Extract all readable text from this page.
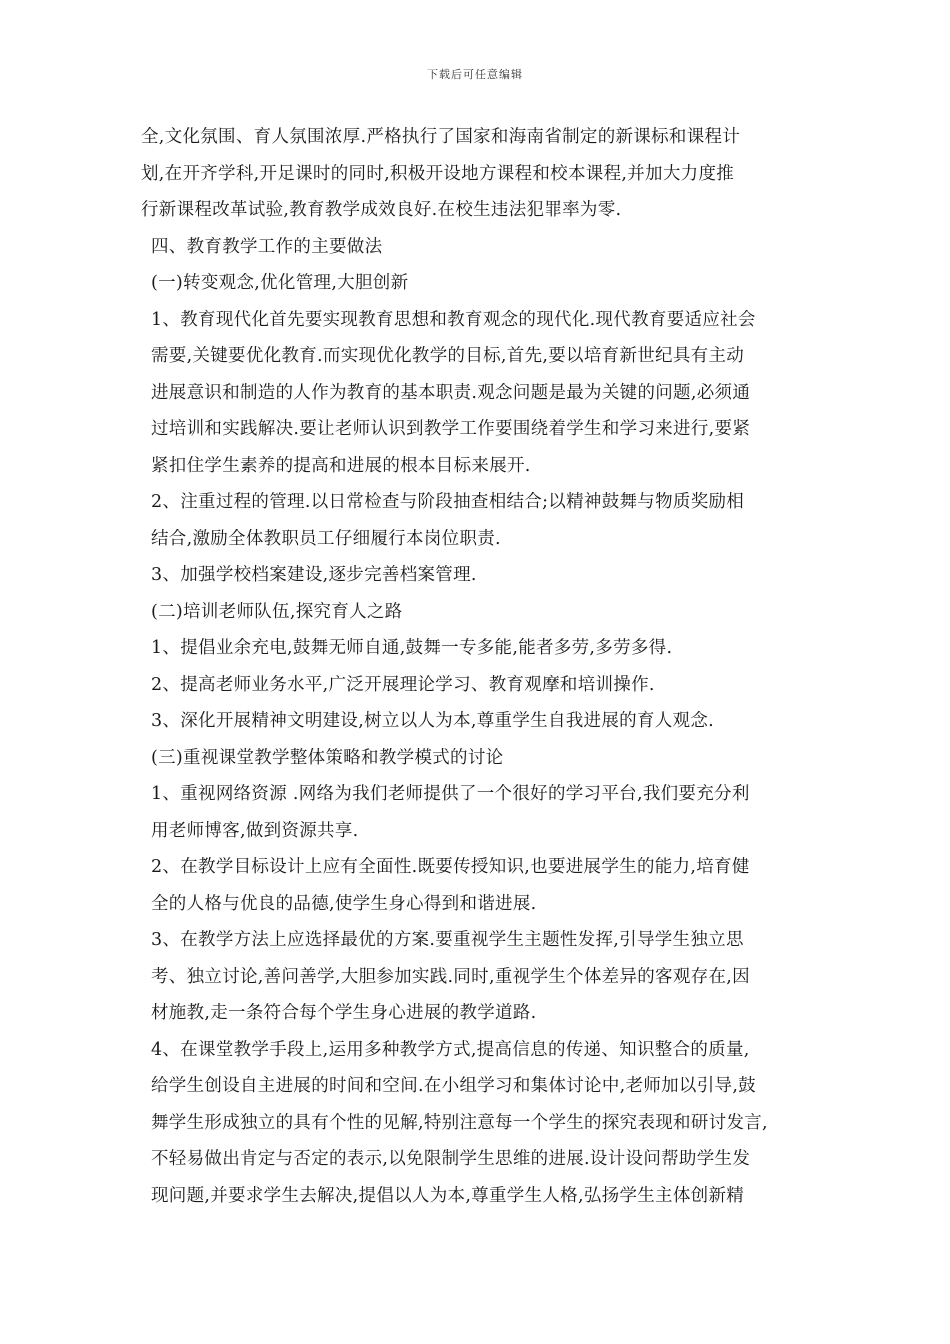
下载后可任意编辑
全,文化氛围、育人氛围浓厚.严格执行了国家和海南省制定的新课标和课程计
划,在开齐学科,开足课时的同时,积极开设地方课程和校本课程,并加大力度推
行新课程改革试验,教育教学成效良好.在校生违法犯罪率为零.
四、教育教学工作的主要做法
(一)转变观念,优化管理,大胆创新
1、教育现代化首先要实现教育思想和教育观念的现代化.现代教育要适应社会
需要,关键要优化教育.而实现优化教学的目标,首先,要以培育新世纪具有主动
进展意识和制造的人作为教育的基本职责.观念问题是最为关键的问题,必须通
过培训和实践解决.要让老师认识到教学工作要围绕着学生和学习来进行,要紧
紧扣住学生素养的提高和进展的根本目标来展开.
2、注重过程的管理.以日常检查与阶段抽查相结合;以精神鼓舞与物质奖励相
结合,激励全体教职员工仔细履行本岗位职责.
3、加强学校档案建设,逐步完善档案管理.
(二)培训老师队伍,探究育人之路
1、提倡业余充电,鼓舞无师自通,鼓舞一专多能,能者多劳,多劳多得.
2、提高老师业务水平,广泛开展理论学习、教育观摩和培训操作.
3、深化开展精神文明建设,树立以人为本,尊重学生自我进展的育人观念.
(三)重视课堂教学整体策略和教学模式的讨论
1、重视网络资源 .网络为我们老师提供了一个很好的学习平台,我们要充分利
用老师博客,做到资源共享.
2、在教学目标设计上应有全面性.既要传授知识,也要进展学生的能力,培育健
全的人格与优良的品德,使学生身心得到和谐进展.
3、在教学方法上应选择最优的方案.要重视学生主题性发挥,引导学生独立思
考、独立讨论,善问善学,大胆参加实践.同时,重视学生个体差异的客观存在,因
材施教,走一条符合每个学生身心进展的教学道路.
4、在课堂教学手段上,运用多种教学方式,提高信息的传递、知识整合的质量,
给学生创设自主进展的时间和空间.在小组学习和集体讨论中,老师加以引导,鼓
舞学生形成独立的具有个性的见解,特别注意每一个学生的探究表现和研讨发言,
不轻易做出肯定与否定的表示,以免限制学生思维的进展.设计设问帮助学生发
现问题,并要求学生去解决,提倡以人为本,尊重学生人格,弘扬学生主体创新精
